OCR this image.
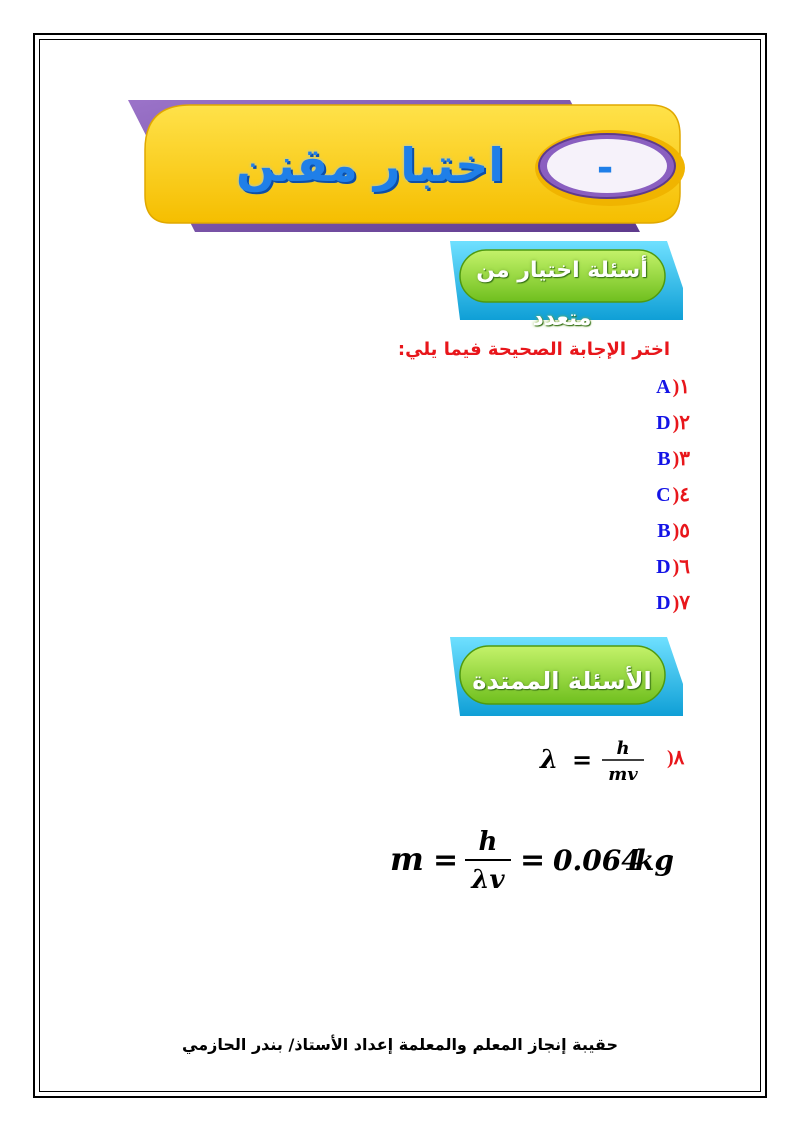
اختبار مقنن	-
أسئلة اختيار من متعدد
اختر الإجابة الصحيحة فيما يلي:
A )١
D )٢
B )٣
C )٤
B )٥
D )٦
D )٧
الأسئلة الممتدة
)٨
λ = h
mv
m =
h
λv
= 0.064
kg
حقيبة إنجاز المعلم والمعلمة إعداد الأستاذ/ بندر الحازمي
